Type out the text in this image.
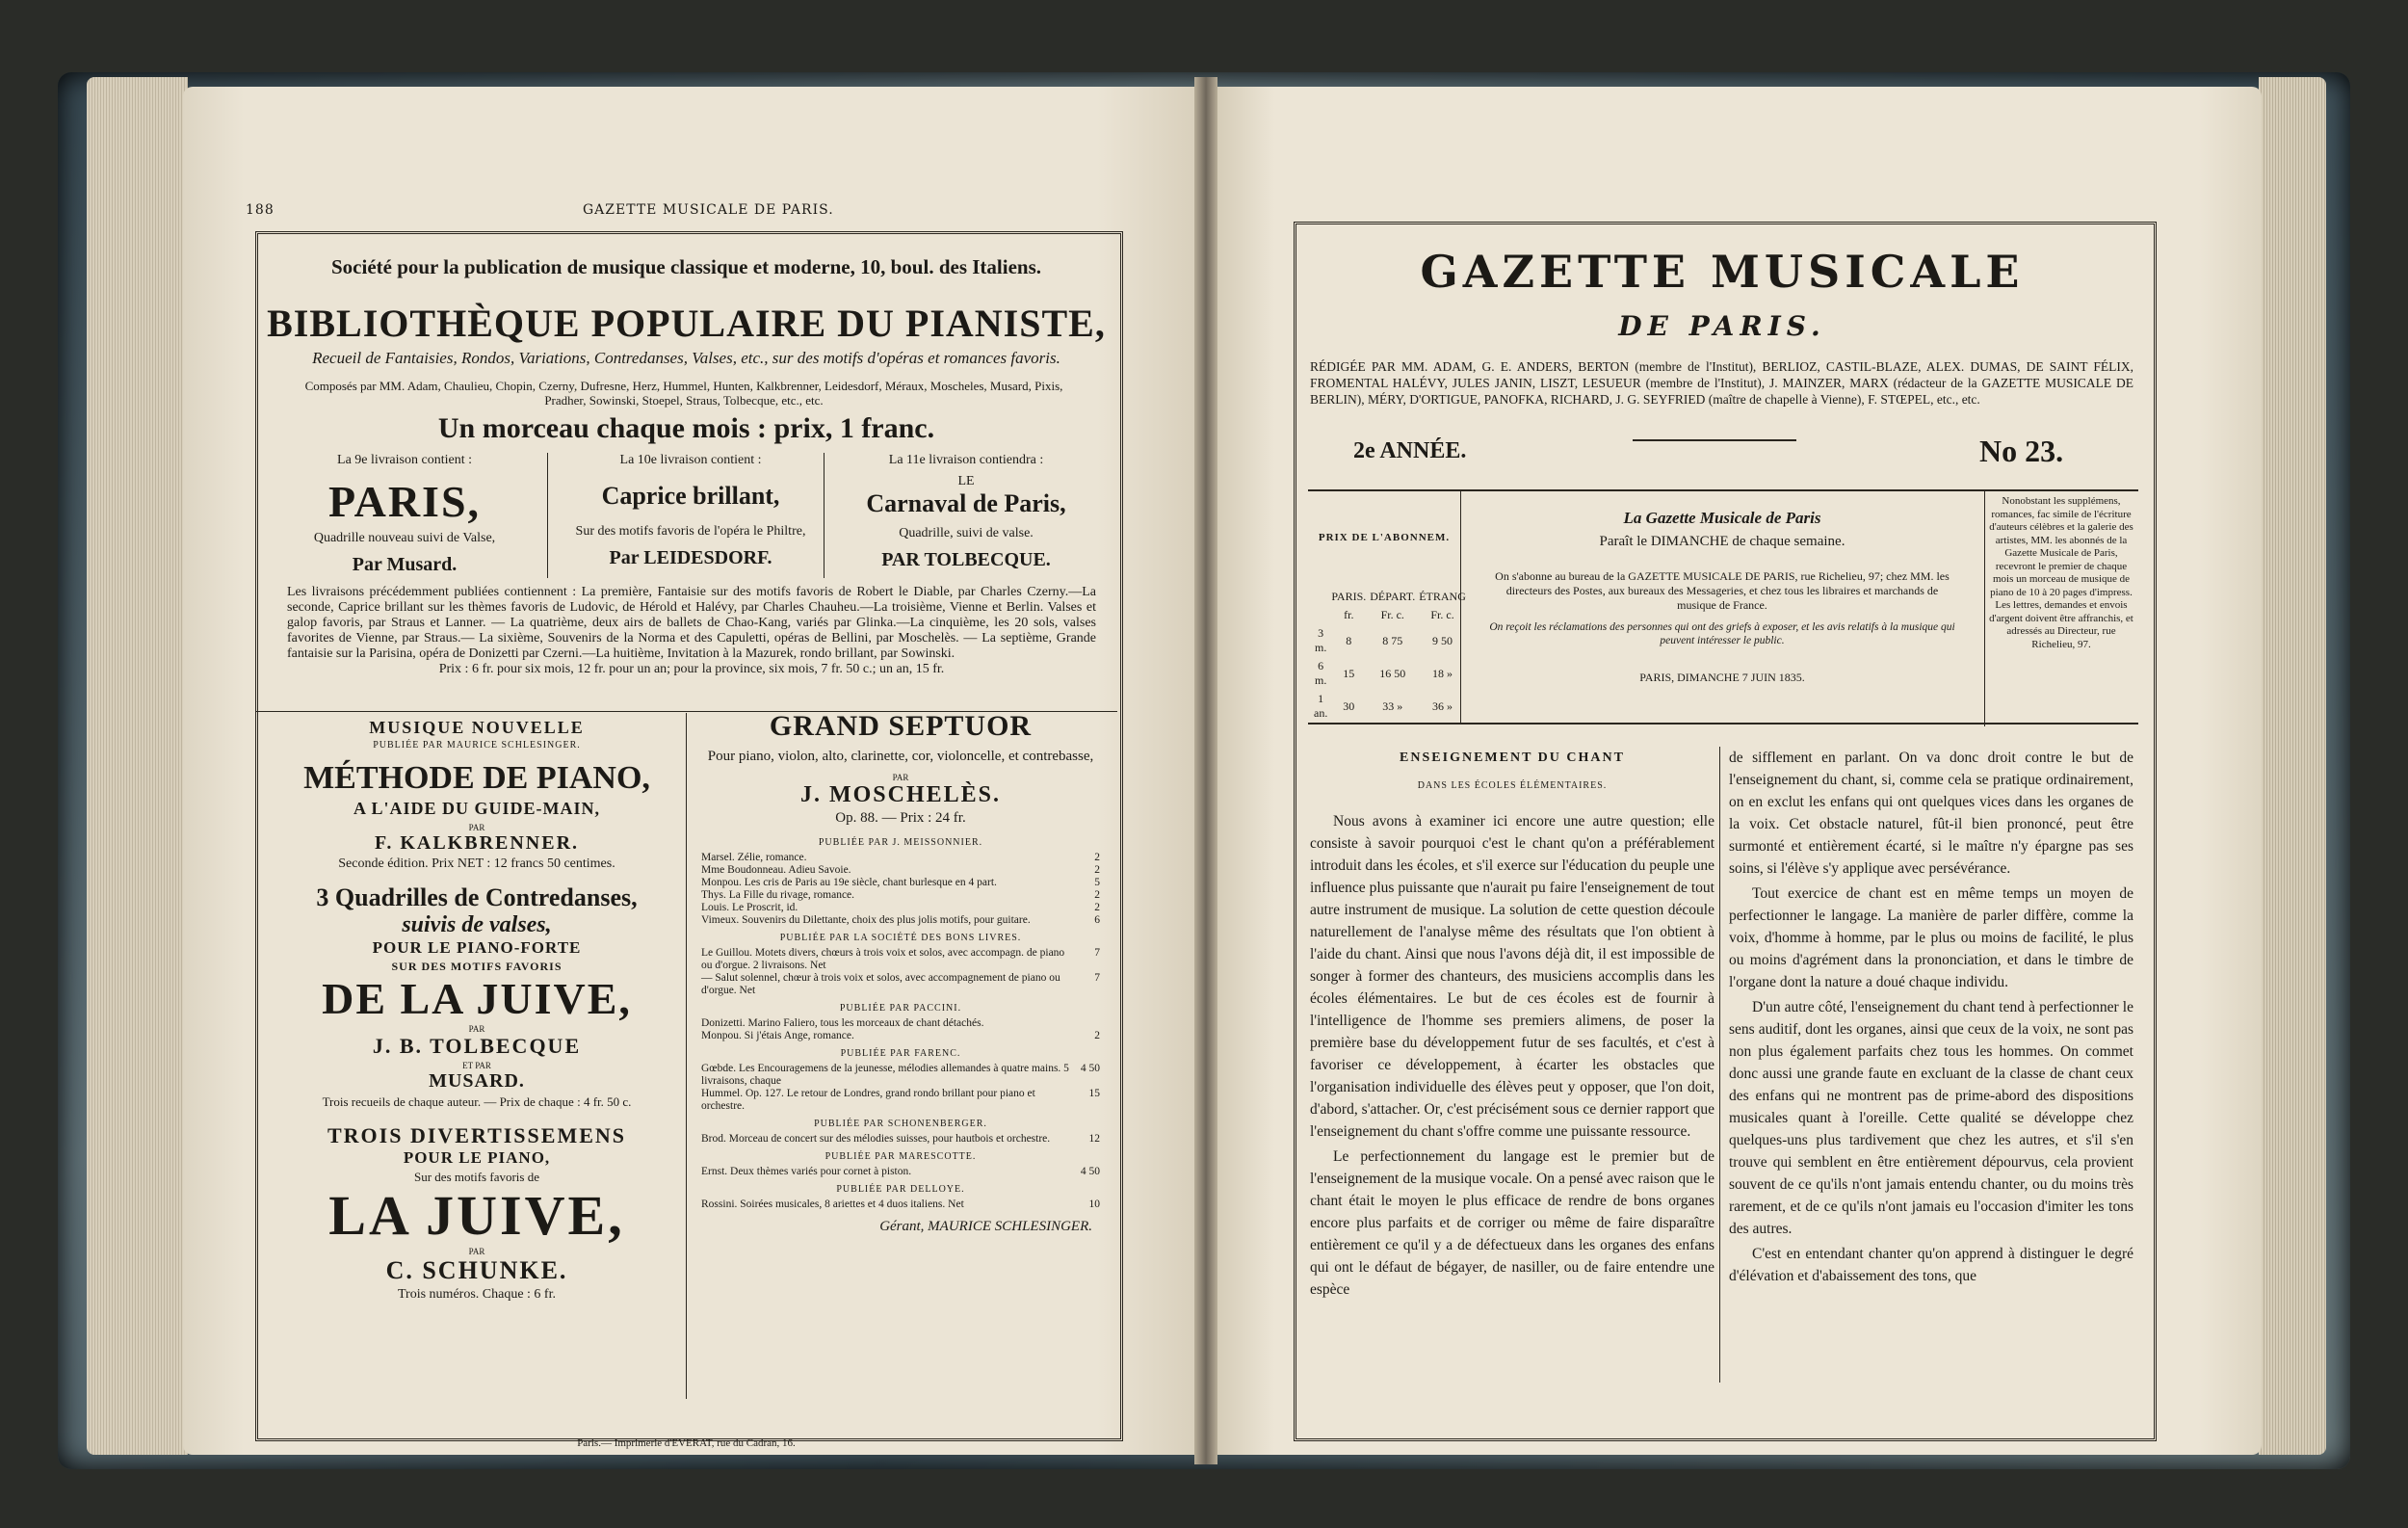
188	GAZETTE MUSICALE DE PARIS.
Société pour la publication de musique classique et moderne, 10, boul. des Italiens.
BIBLIOTHÈQUE POPULAIRE DU PIANISTE,
Recueil de Fantaisies, Rondos, Variations, Contredanses, Valses, etc., sur des motifs d'opéras et romances favoris.
Composés par MM. Adam, Chaulieu, Chopin, Czerny, Dufresne, Herz, Hummel, Hunten, Kalkbrenner, Leidesdorf, Méraux, Moscheles, Musard, Pixis, Pradher, Sowinski, Stoepel, Straus, Tolbecque, etc., etc.
Un morceau chaque mois : prix, 1 franc.
La 9e livraison contient :
PARIS,
Quadrille nouveau suivi de Valse,
Par Musard.
La 10e livraison contient :
Caprice brillant,
Sur des motifs favoris de l'opéra le Philtre,
Par LEIDESDORF.
La 11e livraison contiendra :
LE
Carnaval de Paris,
Quadrille, suivi de valse.
PAR TOLBECQUE.
Les livraisons précédemment publiées contiennent : La première, Fantaisie sur des motifs favoris de Robert le Diable, par Charles Czerny.—La seconde, Caprice brillant sur les thèmes favoris de Ludovic, de Hérold et Halévy, par Charles Chauheu.—La troisième, Vienne et Berlin. Valses et galop favoris, par Straus et Lanner. — La quatrième, deux airs de ballets de Chao-Kang, variés par Glinka.—La cinquième, les 20 sols, valses favorites de Vienne, par Straus.— La sixième, Souvenirs de la Norma et des Capuletti, opéras de Bellini, par Moschelès. — La septième, Grande fantaisie sur la Parisina, opéra de Donizetti par Czerni.—La huitième, Invitation à la Mazurek, rondo brillant, par Sowinski.
Prix : 6 fr. pour six mois, 12 fr. pour un an; pour la province, six mois, 7 fr. 50 c.; un an, 15 fr.
MUSIQUE NOUVELLE
PUBLIÉE PAR MAURICE SCHLESINGER.
MÉTHODE DE PIANO,
A L'AIDE DU GUIDE-MAIN,
PAR
F. KALKBRENNER.
Seconde édition. Prix NET : 12 francs 50 centimes.
3 Quadrilles de Contredanses,
suivis de valses,
POUR LE PIANO-FORTE
SUR DES MOTIFS FAVORIS
DE LA JUIVE,
PAR
J. B. TOLBECQUE
ET PAR
MUSARD.
Trois recueils de chaque auteur. — Prix de chaque : 4 fr. 50 c.
TROIS DIVERTISSEMENS
POUR LE PIANO,
Sur des motifs favoris de
LA JUIVE,
PAR
C. SCHUNKE.
Trois numéros. Chaque : 6 fr.
GRAND SEPTUOR
Pour piano, violon, alto, clarinette, cor, violoncelle, et contrebasse,
PAR
J. MOSCHELÈS.
Op. 88. — Prix : 24 fr.
PUBLIÉE PAR J. MEISSONNIER.
Marsel. Zélie, romance.	2
Mme Boudonneau. Adieu Savoie.	2
Monpou. Les cris de Paris au 19e siècle, chant burlesque en 4 part.	5
Thys. La Fille du rivage, romance.	2
Louis. Le Proscrit, id.	2
Vimeux. Souvenirs du Dilettante, choix des plus jolis motifs, pour guitare.	6
PUBLIÉE PAR LA SOCIÉTÉ DES BONS LIVRES.
Le Guillou. Motets divers, chœurs à trois voix et solos, avec accompagn. de piano ou d'orgue. 2 livraisons. Net
7
— Salut solennel, chœur à trois voix et solos, avec accompagnement de piano ou d'orgue. Net
7
PUBLIÉE PAR PACCINI.
Donizetti. Marino Faliero, tous les morceaux de chant détachés.
Monpou. Si j'étais Ange, romance.	2
PUBLIÉE PAR FARENC.
Gœbde. Les Encouragemens de la jeunesse, mélodies allemandes à quatre mains. 5 livraisons, chaque
4 50
Hummel. Op. 127. Le retour de Londres, grand rondo brillant pour piano et orchestre.
15
PUBLIÉE PAR SCHONENBERGER.
Brod. Morceau de concert sur des mélodies suisses, pour hautbois et orchestre.	12
PUBLIÉE PAR MARESCOTTE.
Ernst. Deux thèmes variés pour cornet à piston.	4 50
PUBLIÉE PAR DELLOYE.
Rossini. Soirées musicales, 8 ariettes et 4 duos italiens. Net	10
Gérant, MAURICE SCHLESINGER.
Paris.— Imprimerie d'EVERAT, rue du Cadran, 16.
GAZETTE MUSICALE
DE PARIS.
RÉDIGÉE PAR MM. ADAM, G. E. ANDERS, BERTON (membre de l'Institut), BERLIOZ, CASTIL-BLAZE, ALEX. DUMAS, DE SAINT FÉLIX, FROMENTAL HALÉVY, JULES JANIN, LISZT, LESUEUR (membre de l'Institut), J. MAINZER, MARX (rédacteur de la GAZETTE MUSICALE DE BERLIN), MÉRY, D'ORTIGUE, PANOFKA, RICHARD, J. G. SEYFRIED (maître de chapelle à Vienne), F. STŒPEL, etc., etc.
2e ANNÉE.	No 23.
PRIX DE L'ABONNEM.
	PARIS.	DÉPART.	ÉTRANG
	fr.	Fr. c.	Fr. c.
3 m.	8	8 75	9 50
6 m.	15	16 50	18 »
1 an.	30	33 »	36 »
La Gazette Musicale de Paris
Paraît le DIMANCHE de chaque semaine.
On s'abonne au bureau de la GAZETTE MUSICALE DE PARIS, rue Richelieu, 97; chez MM. les directeurs des Postes, aux bureaux des Messageries, et chez tous les libraires et marchands de musique de France.
On reçoit les réclamations des personnes qui ont des griefs à exposer, et les avis relatifs à la musique qui peuvent intéresser le public.
PARIS, DIMANCHE 7 JUIN 1835.
Nonobstant les supplémens, romances, fac simile de l'écriture d'auteurs célèbres et la galerie des artistes, MM. les abonnés de la Gazette Musicale de Paris, recevront le premier de chaque mois un morceau de musique de piano de 10 à 20 pages d'impress. Les lettres, demandes et envois d'argent doivent être affranchis, et adressés au Directeur, rue Richelieu, 97.
ENSEIGNEMENT DU CHANT
DANS LES ÉCOLES ÉLÉMENTAIRES.

Nous avons à examiner ici encore une autre question; elle consiste à savoir pourquoi c'est le chant qu'on a préférablement introduit dans les écoles, et s'il exerce sur l'éducation du peuple une influence plus puissante que n'aurait pu faire l'enseignement de tout autre instrument de musique. La solution de cette question découle naturellement de l'analyse même des résultats que l'on obtient à l'aide du chant. Ainsi que nous l'avons déjà dit, il est impossible de songer à former des chanteurs, des musiciens accomplis dans les écoles élémentaires. Le but de ces écoles est de fournir à l'intelligence de l'homme ses premiers alimens, de poser la première base du développement futur de ses facultés, et c'est à favoriser ce développement, à écarter les obstacles que l'organisation individuelle des élèves peut y opposer, que l'on doit, d'abord, s'attacher. Or, c'est précisément sous ce dernier rapport que l'enseignement du chant s'offre comme une puissante ressource.

Le perfectionnement du langage est le premier but de l'enseignement de la musique vocale. On a pensé avec raison que le chant était le moyen le plus efficace de rendre de bons organes encore plus parfaits et de corriger ou même de faire disparaître entièrement ce qu'il y a de défectueux dans les organes des enfans qui ont le défaut de bégayer, de nasiller, ou de faire entendre une espèce

de sifflement en parlant. On va donc droit contre le but de l'enseignement du chant, si, comme cela se pratique ordinairement, on en exclut les enfans qui ont quelques vices dans les organes de la voix. Cet obstacle naturel, fût-il bien prononcé, peut être surmonté et entièrement écarté, si le maître n'y épargne pas ses soins, si l'élève s'y applique avec persévérance.

Tout exercice de chant est en même temps un moyen de perfectionner le langage. La manière de parler diffère, comme la voix, d'homme à homme, par le plus ou moins de facilité, le plus ou moins d'agrément dans la prononciation, et dans le timbre de l'organe dont la nature a doué chaque individu.

D'un autre côté, l'enseignement du chant tend à perfectionner le sens auditif, dont les organes, ainsi que ceux de la voix, ne sont pas non plus également parfaits chez tous les hommes. On commet donc aussi une grande faute en excluant de la classe de chant ceux des enfans qui ne montrent pas de prime-abord des dispositions musicales quant à l'oreille. Cette qualité se développe chez quelques-uns plus tardivement que chez les autres, et s'il s'en trouve qui semblent en être entièrement dépourvus, cela provient souvent de ce qu'ils n'ont jamais entendu chanter, ou du moins très rarement, et de ce qu'ils n'ont jamais eu l'occasion d'imiter les tons des autres.

C'est en entendant chanter qu'on apprend à distinguer le degré d'élévation et d'abaissement des tons, que
